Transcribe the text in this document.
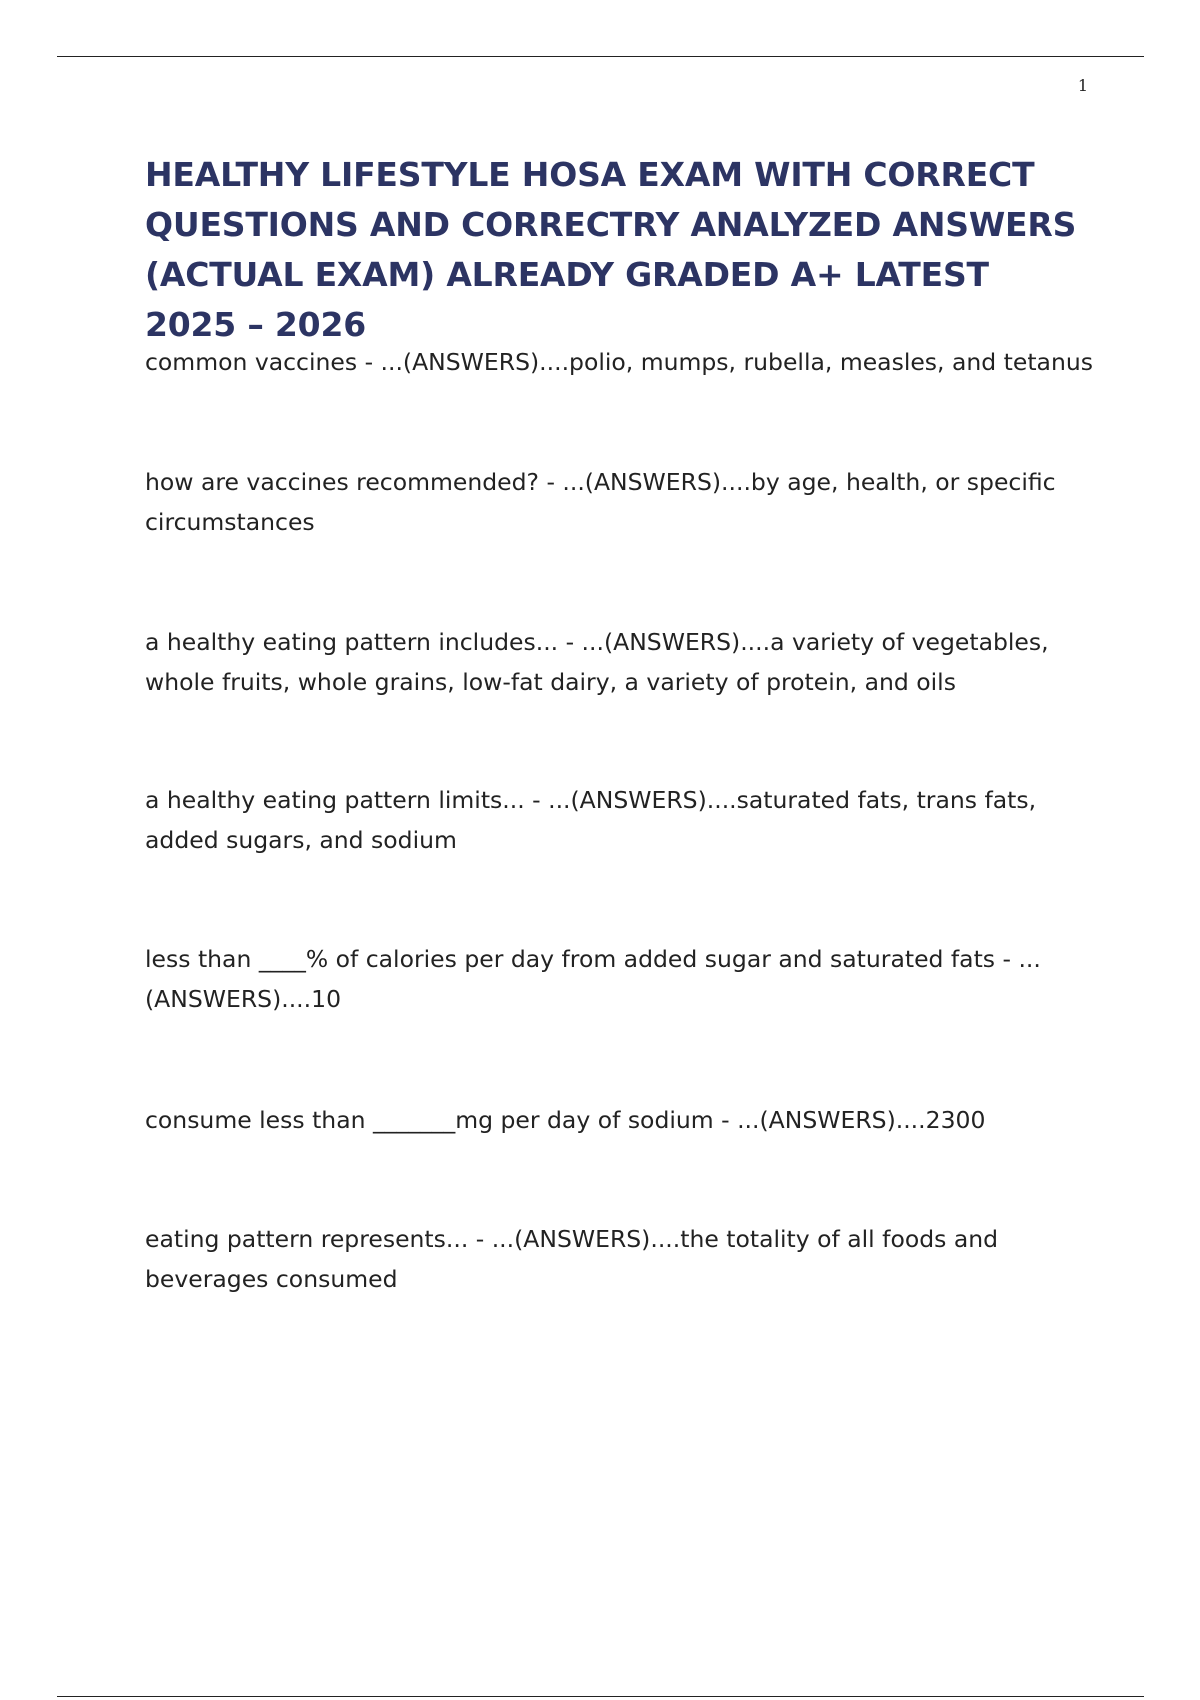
1
HEALTHY LIFESTYLE HOSA EXAM WITH CORRECT QUESTIONS AND CORRECTRY ANALYZED ANSWERS (ACTUAL EXAM) ALREADY GRADED A+ LATEST 2025 – 2026

common vaccines - ...(ANSWERS)....polio, mumps, rubella, measles, and tetanus

how are vaccines recommended? - ...(ANSWERS)....by age, health, or specific circumstances

a healthy eating pattern includes... - ...(ANSWERS)....a variety of vegetables, whole fruits, whole grains, low-fat dairy, a variety of protein, and oils

a healthy eating pattern limits... - ...(ANSWERS)....saturated fats, trans fats, added sugars, and sodium

less than ____% of calories per day from added sugar and saturated fats - ...(ANSWERS)....10

consume less than _______mg per day of sodium - ...(ANSWERS)....2300

eating pattern represents... - ...(ANSWERS)....the totality of all foods and beverages consumed
